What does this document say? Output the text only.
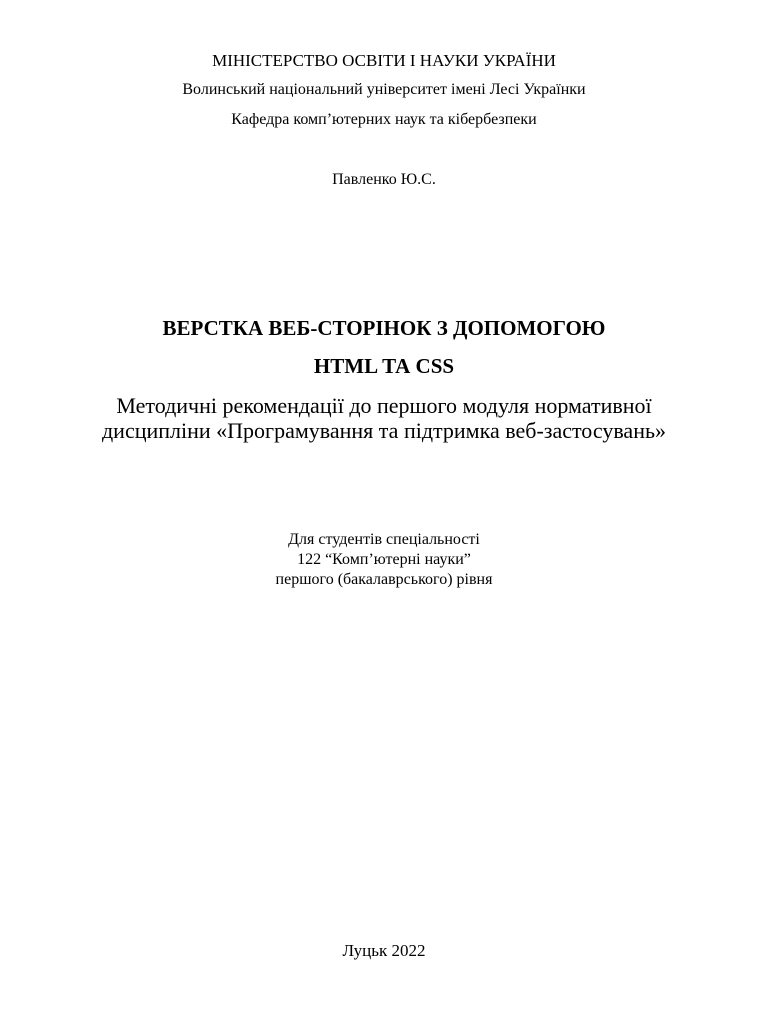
МІНІСТЕРСТВО ОСВІТИ І НАУКИ УКРАЇНИ
Волинський національний університет імені Лесі Українки
Кафедра комп’ютерних наук та кібербезпеки
Павленко Ю.С.
ВЕРСТКА ВЕБ-СТОРІНОК З ДОПОМОГОЮ
HTML ТА CSS
Методичні рекомендації до першого модуля нормативної
дисципліни «Програмування та підтримка веб-застосувань»
Для студентів спеціальності
122 “Комп’ютерні науки”
першого (бакалаврського) рівня
Луцьк 2022
